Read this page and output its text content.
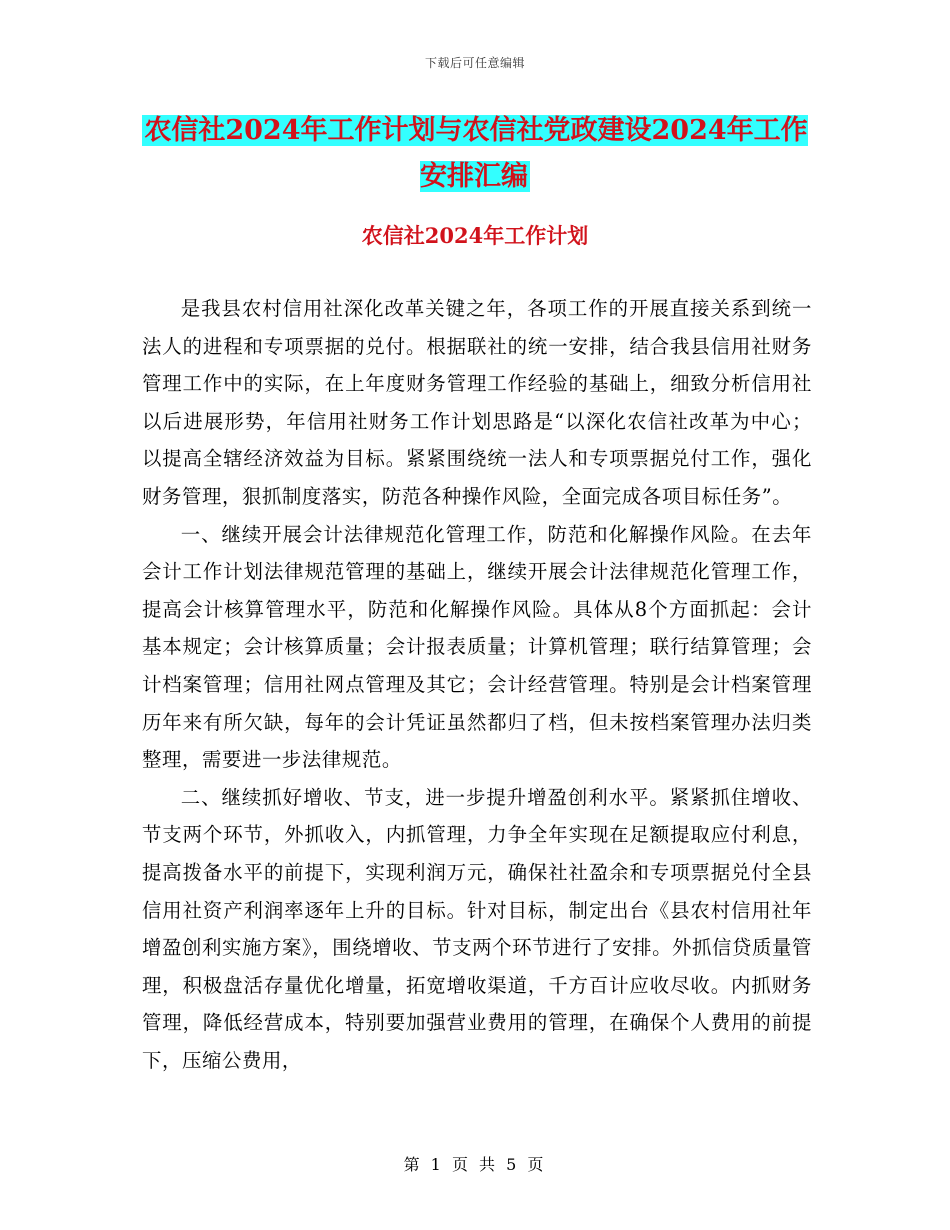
下载后可任意编辑
农信社2024年工作计划与农信社党政建设2024年工作安排汇编
农信社2024年工作计划

是我县农村信用社深化改革关键之年，各项工作的开展直接关系到统一法人的进程和专项票据的兑付。根据联社的统一安排，结合我县信用社财务管理工作中的实际，在上年度财务管理工作经验的基础上，细致分析信用社以后进展形势，年信用社财务工作计划思路是“以深化农信社改革为中心；以提高全辖经济效益为目标。紧紧围绕统一法人和专项票据兑付工作，强化财务管理，狠抓制度落实，防范各种操作风险，全面完成各项目标任务”。

一、继续开展会计法律规范化管理工作，防范和化解操作风险。在去年会计工作计划法律规范管理的基础上，继续开展会计法律规范化管理工作，提高会计核算管理水平，防范和化解操作风险。具体从8个方面抓起：会计基本规定；会计核算质量；会计报表质量；计算机管理；联行结算管理；会计档案管理；信用社网点管理及其它；会计经营管理。特别是会计档案管理历年来有所欠缺，每年的会计凭证虽然都归了档，但未按档案管理办法归类整理，需要进一步法律规范。

二、继续抓好增收、节支，进一步提升增盈创利水平。紧紧抓住增收、节支两个环节，外抓收入，内抓管理，力争全年实现在足额提取应付利息，提高拨备水平的前提下，实现利润万元，确保社社盈余和专项票据兑付全县信用社资产利润率逐年上升的目标。针对目标，制定出台《县农村信用社年增盈创利实施方案》，围绕增收、节支两个环节进行了安排。外抓信贷质量管理，积极盘活存量优化增量，拓宽增收渠道，千方百计应收尽收。内抓财务管理，降低经营成本，特别要加强营业费用的管理，在确保个人费用的前提下，压缩公费用，

第 1 页 共 5 页
